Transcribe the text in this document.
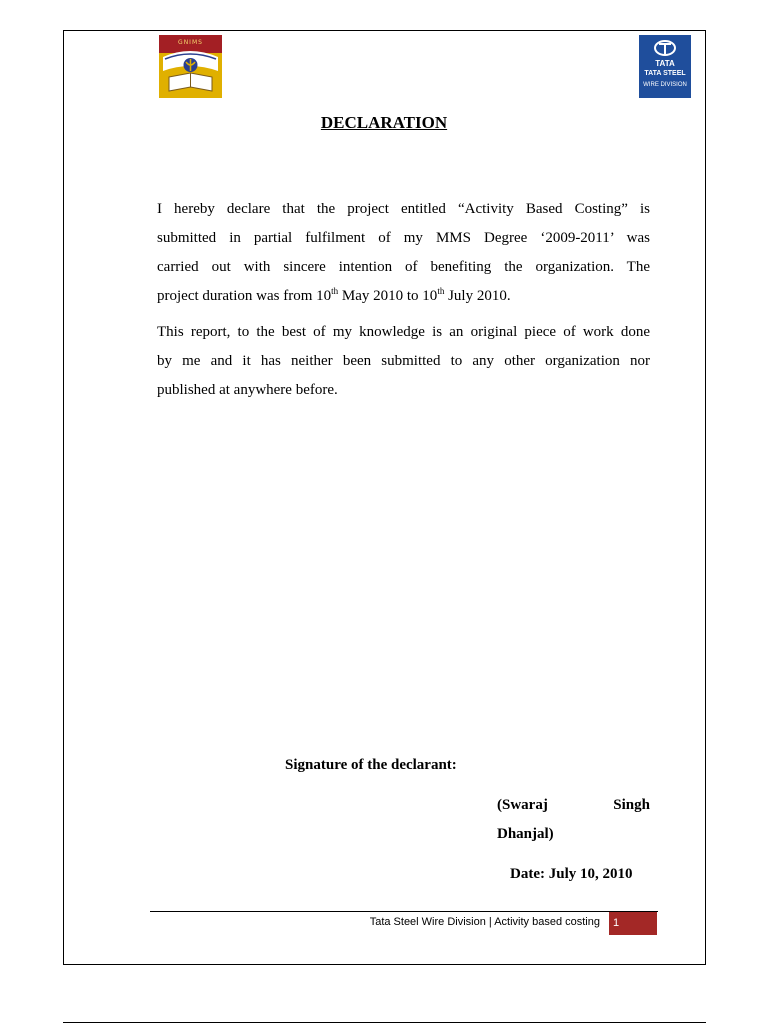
GNIMS
TATA
TATA STEEL
WIRE DIVISION
DECLARATION
I hereby declare that the project entitled “Activity Based Costing” is
submitted in partial fulfilment of my MMS Degree ‘2009-2011’ was
carried out with sincere intention of benefiting the organization. The
project duration was from 10th May 2010 to 10th July 2010.
This report, to the best of my knowledge is an original piece of work done
by me and it has neither been submitted to any other organization nor
published at anywhere before.
Signature of the declarant:
(Swaraj	Singh
Dhanjal)
Date: July 10, 2010
Tata Steel Wire Division | Activity based costing	1
